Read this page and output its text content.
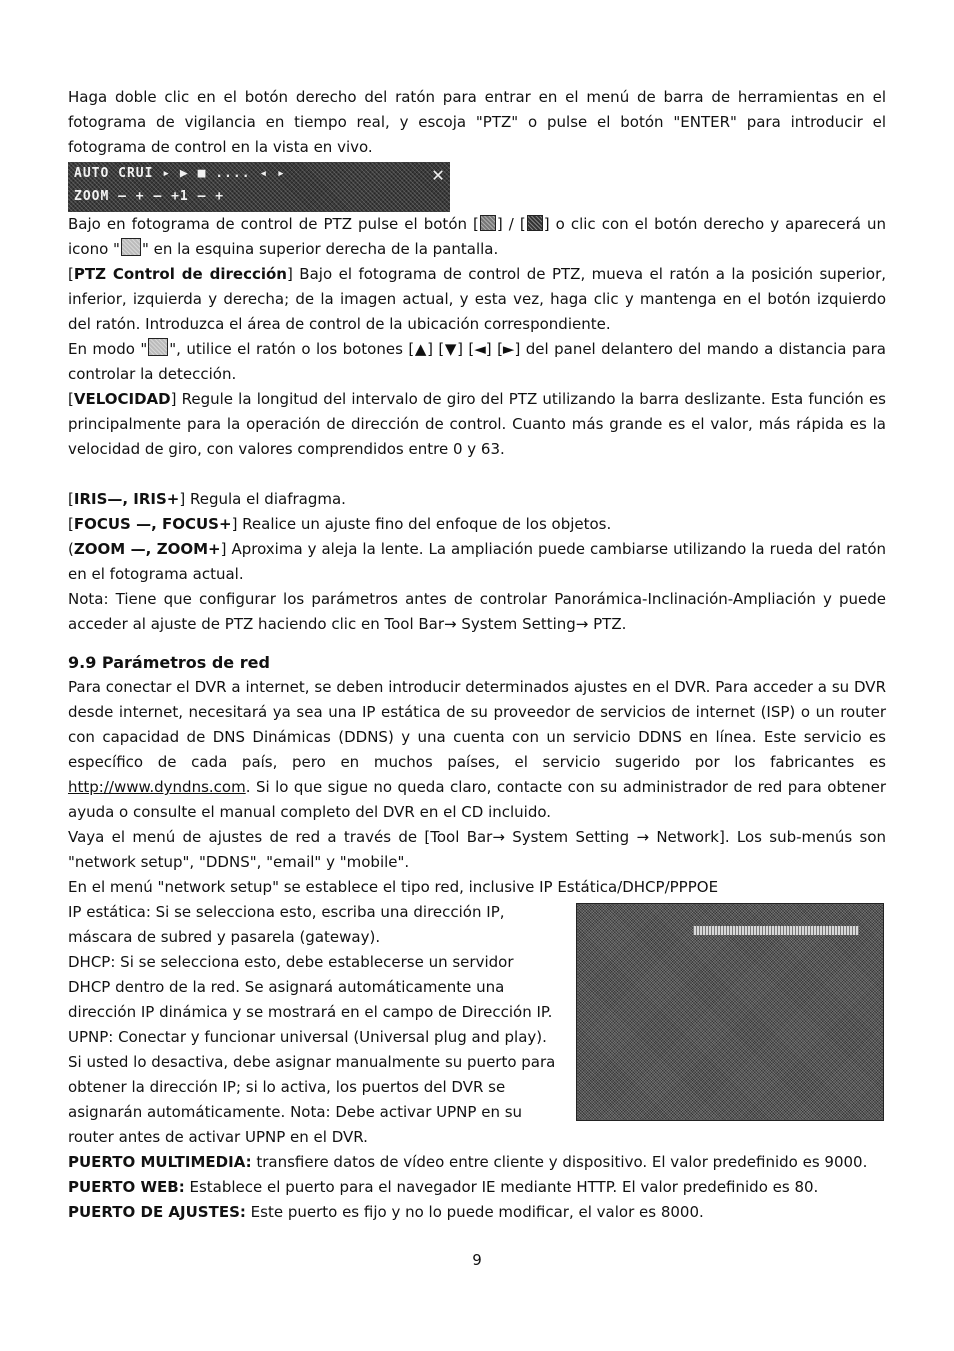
Haga doble clic en el botón derecho del ratón para entrar en el menú de barra de herramientas en el fotograma de vigilancia en tiempo real, y escoja "PTZ" o pulse el botón "ENTER" para introducir el fotograma de control en la vista en vivo.

AUTO CRUI ▸ ▶ ■ .... ◂ ▸
ZOOM — + — +1 — +
✕

Bajo en fotograma de control de PTZ pulse el botón [ ] / [ ] o clic con el botón derecho y aparecerá un icono " " en la esquina superior derecha de la pantalla.

[PTZ Control de dirección] Bajo el fotograma de control de PTZ, mueva el ratón a la posición superior, inferior, izquierda y derecha; de la imagen actual, y esta vez, haga clic y mantenga en el botón izquierdo del ratón. Introduzca el área de control de la ubicación correspondiente.

En modo " ", utilice el ratón o los botones [▲] [▼] [◄] [►] del panel delantero del mando a distancia para controlar la detección.

[VELOCIDAD] Regule la longitud del intervalo de giro del PTZ utilizando la barra deslizante. Esta función es principalmente para la operación de dirección de control. Cuanto más grande es el valor, más rápida es la velocidad de giro, con valores comprendidos entre 0 y 63.

[IRIS—, IRIS+] Regula el diafragma.

[FOCUS —, FOCUS+] Realice un ajuste fino del enfoque de los objetos.

(ZOOM —, ZOOM+] Aproxima y aleja la lente. La ampliación puede cambiarse utilizando la rueda del ratón en el fotograma actual.

Nota: Tiene que configurar los parámetros antes de controlar Panorámica-Inclinación-Ampliación y puede acceder al ajuste de PTZ haciendo clic en Tool Bar→ System Setting→ PTZ.

9.9 Parámetros de red

Para conectar el DVR a internet, se deben introducir determinados ajustes en el DVR. Para acceder a su DVR desde internet, necesitará ya sea una IP estática de su proveedor de servicios de internet (ISP) o un router con capacidad de DNS Dinámicas (DDNS) y una cuenta con un servicio DDNS en línea. Este servicio es específico de cada país, pero en muchos países, el servicio sugerido por los fabricantes es http://www.dyndns.com. Si lo que sigue no queda claro, contacte con su administrador de red para obtener ayuda o consulte el manual completo del DVR en el CD incluido.

Vaya el menú de ajustes de red a través de [Tool Bar→ System Setting → Network]. Los sub-menús son "network setup", "DDNS", "email" y "mobile".

En el menú "network setup" se establece el tipo red, inclusive IP Estática/DHCP/PPPOE

IP estática: Si se selecciona esto, escriba una dirección IP, máscara de subred y pasarela (gateway).

DHCP: Si se selecciona esto, debe establecerse un servidor DHCP dentro de la red. Se asignará automáticamente una dirección IP dinámica y se mostrará en el campo de Dirección IP.

UPNP: Conectar y funcionar universal (Universal plug and play). Si usted lo desactiva, debe asignar manualmente su puerto para obtener la dirección IP; si lo activa, los puertos del DVR se asignarán automáticamente. Nota: Debe activar UPNP en su router antes de activar UPNP en el DVR.

PUERTO MULTIMEDIA: transfiere datos de vídeo entre cliente y dispositivo. El valor predefinido es 9000.

PUERTO WEB: Establece el puerto para el navegador IE mediante HTTP. El valor predefinido es 80.

PUERTO DE AJUSTES: Este puerto es fijo y no lo puede modificar, el valor es 8000.

9
